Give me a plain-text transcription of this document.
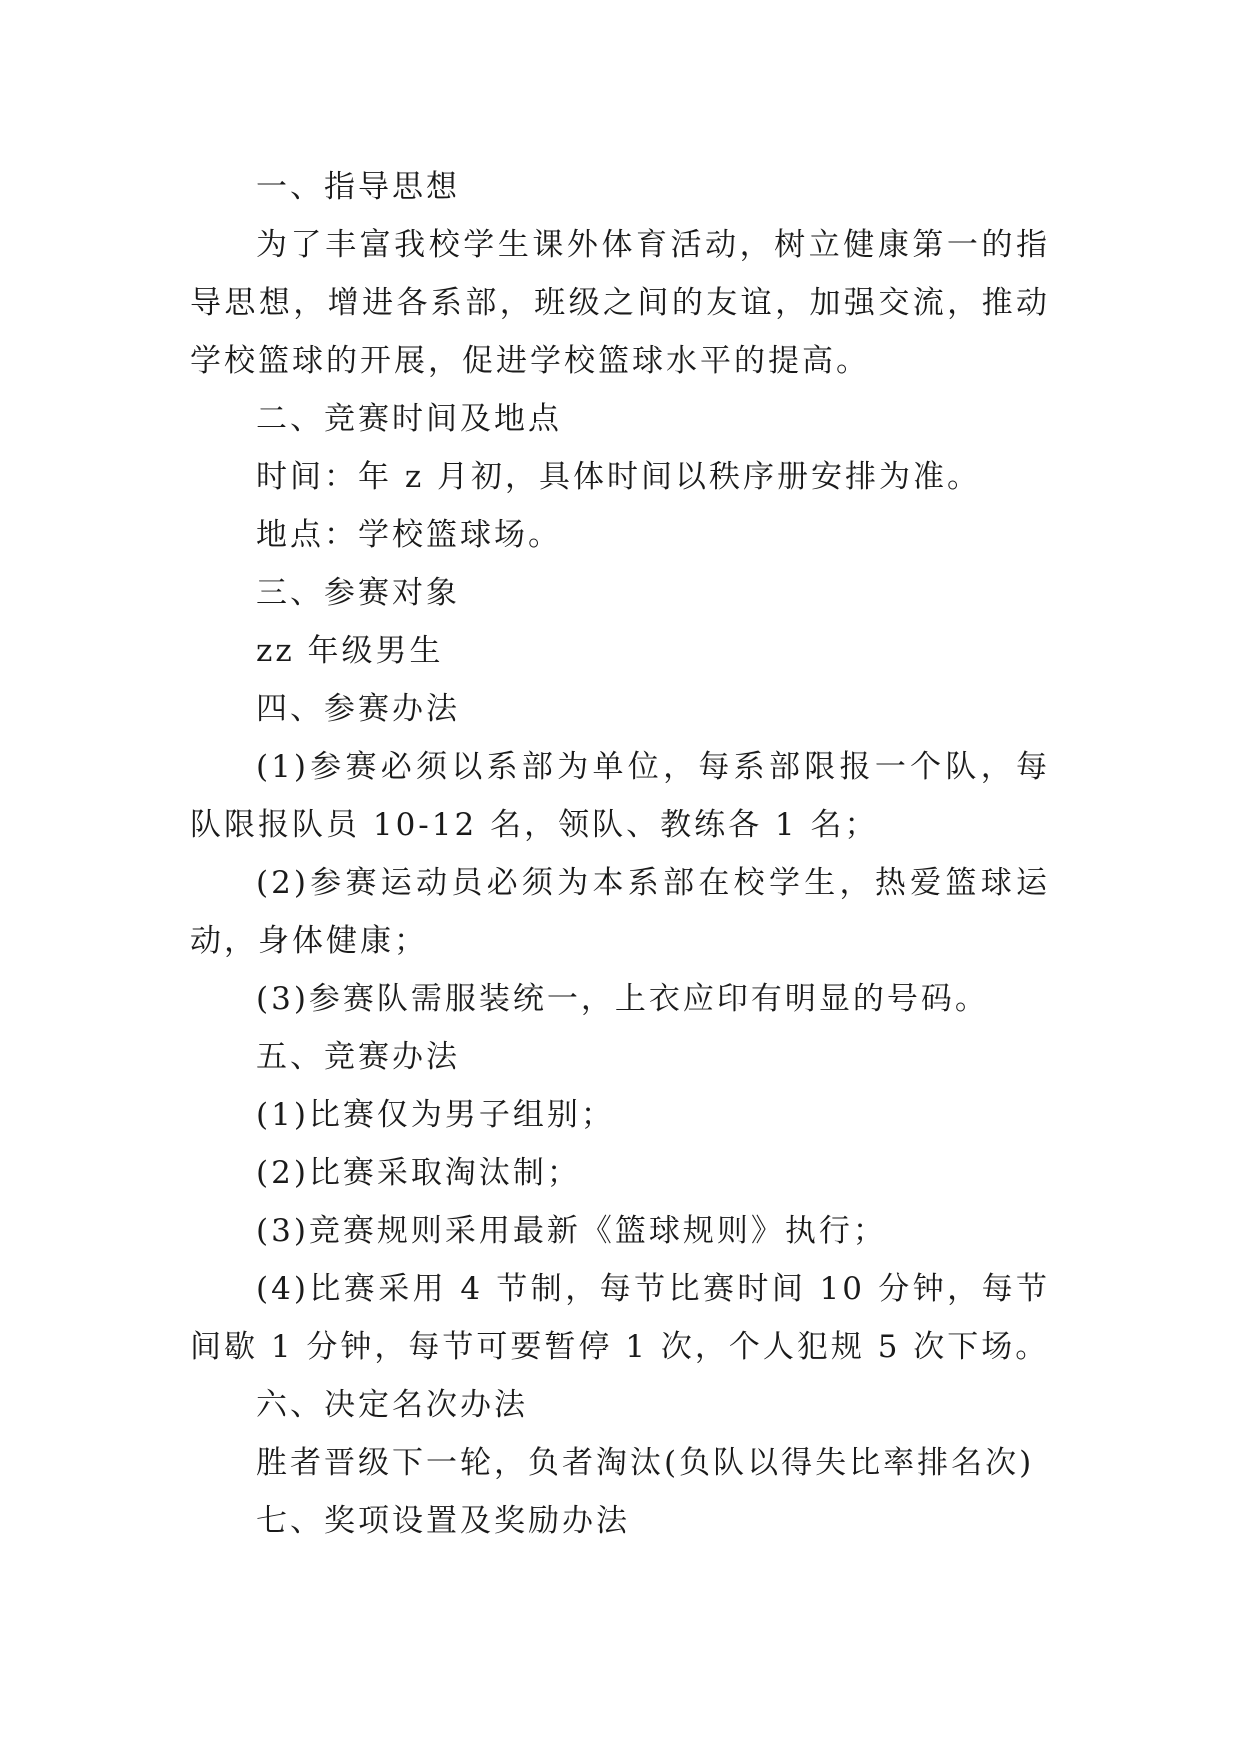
一、指导思想

为了丰富我校学生课外体育活动，树立健康第一的指导思想，增进各系部，班级之间的友谊，加强交流，推动学校篮球的开展，促进学校篮球水平的提高。

二、竞赛时间及地点

时间：年 z 月初，具体时间以秩序册安排为准。

地点：学校篮球场。

三、参赛对象

zz 年级男生

四、参赛办法

(1)参赛必须以系部为单位，每系部限报一个队，每队限报队员 10-12 名，领队、教练各 1 名；

(2)参赛运动员必须为本系部在校学生，热爱篮球运动，身体健康；

(3)参赛队需服装统一，上衣应印有明显的号码。

五、竞赛办法

(1)比赛仅为男子组别；

(2)比赛采取淘汰制；

(3)竞赛规则采用最新《篮球规则》执行；

(4)比赛采用 4 节制，每节比赛时间 10 分钟，每节间歇 1 分钟，每节可要暂停 1 次，个人犯规 5 次下场。

六、决定名次办法

胜者晋级下一轮，负者淘汰(负队以得失比率排名次)

七、奖项设置及奖励办法
